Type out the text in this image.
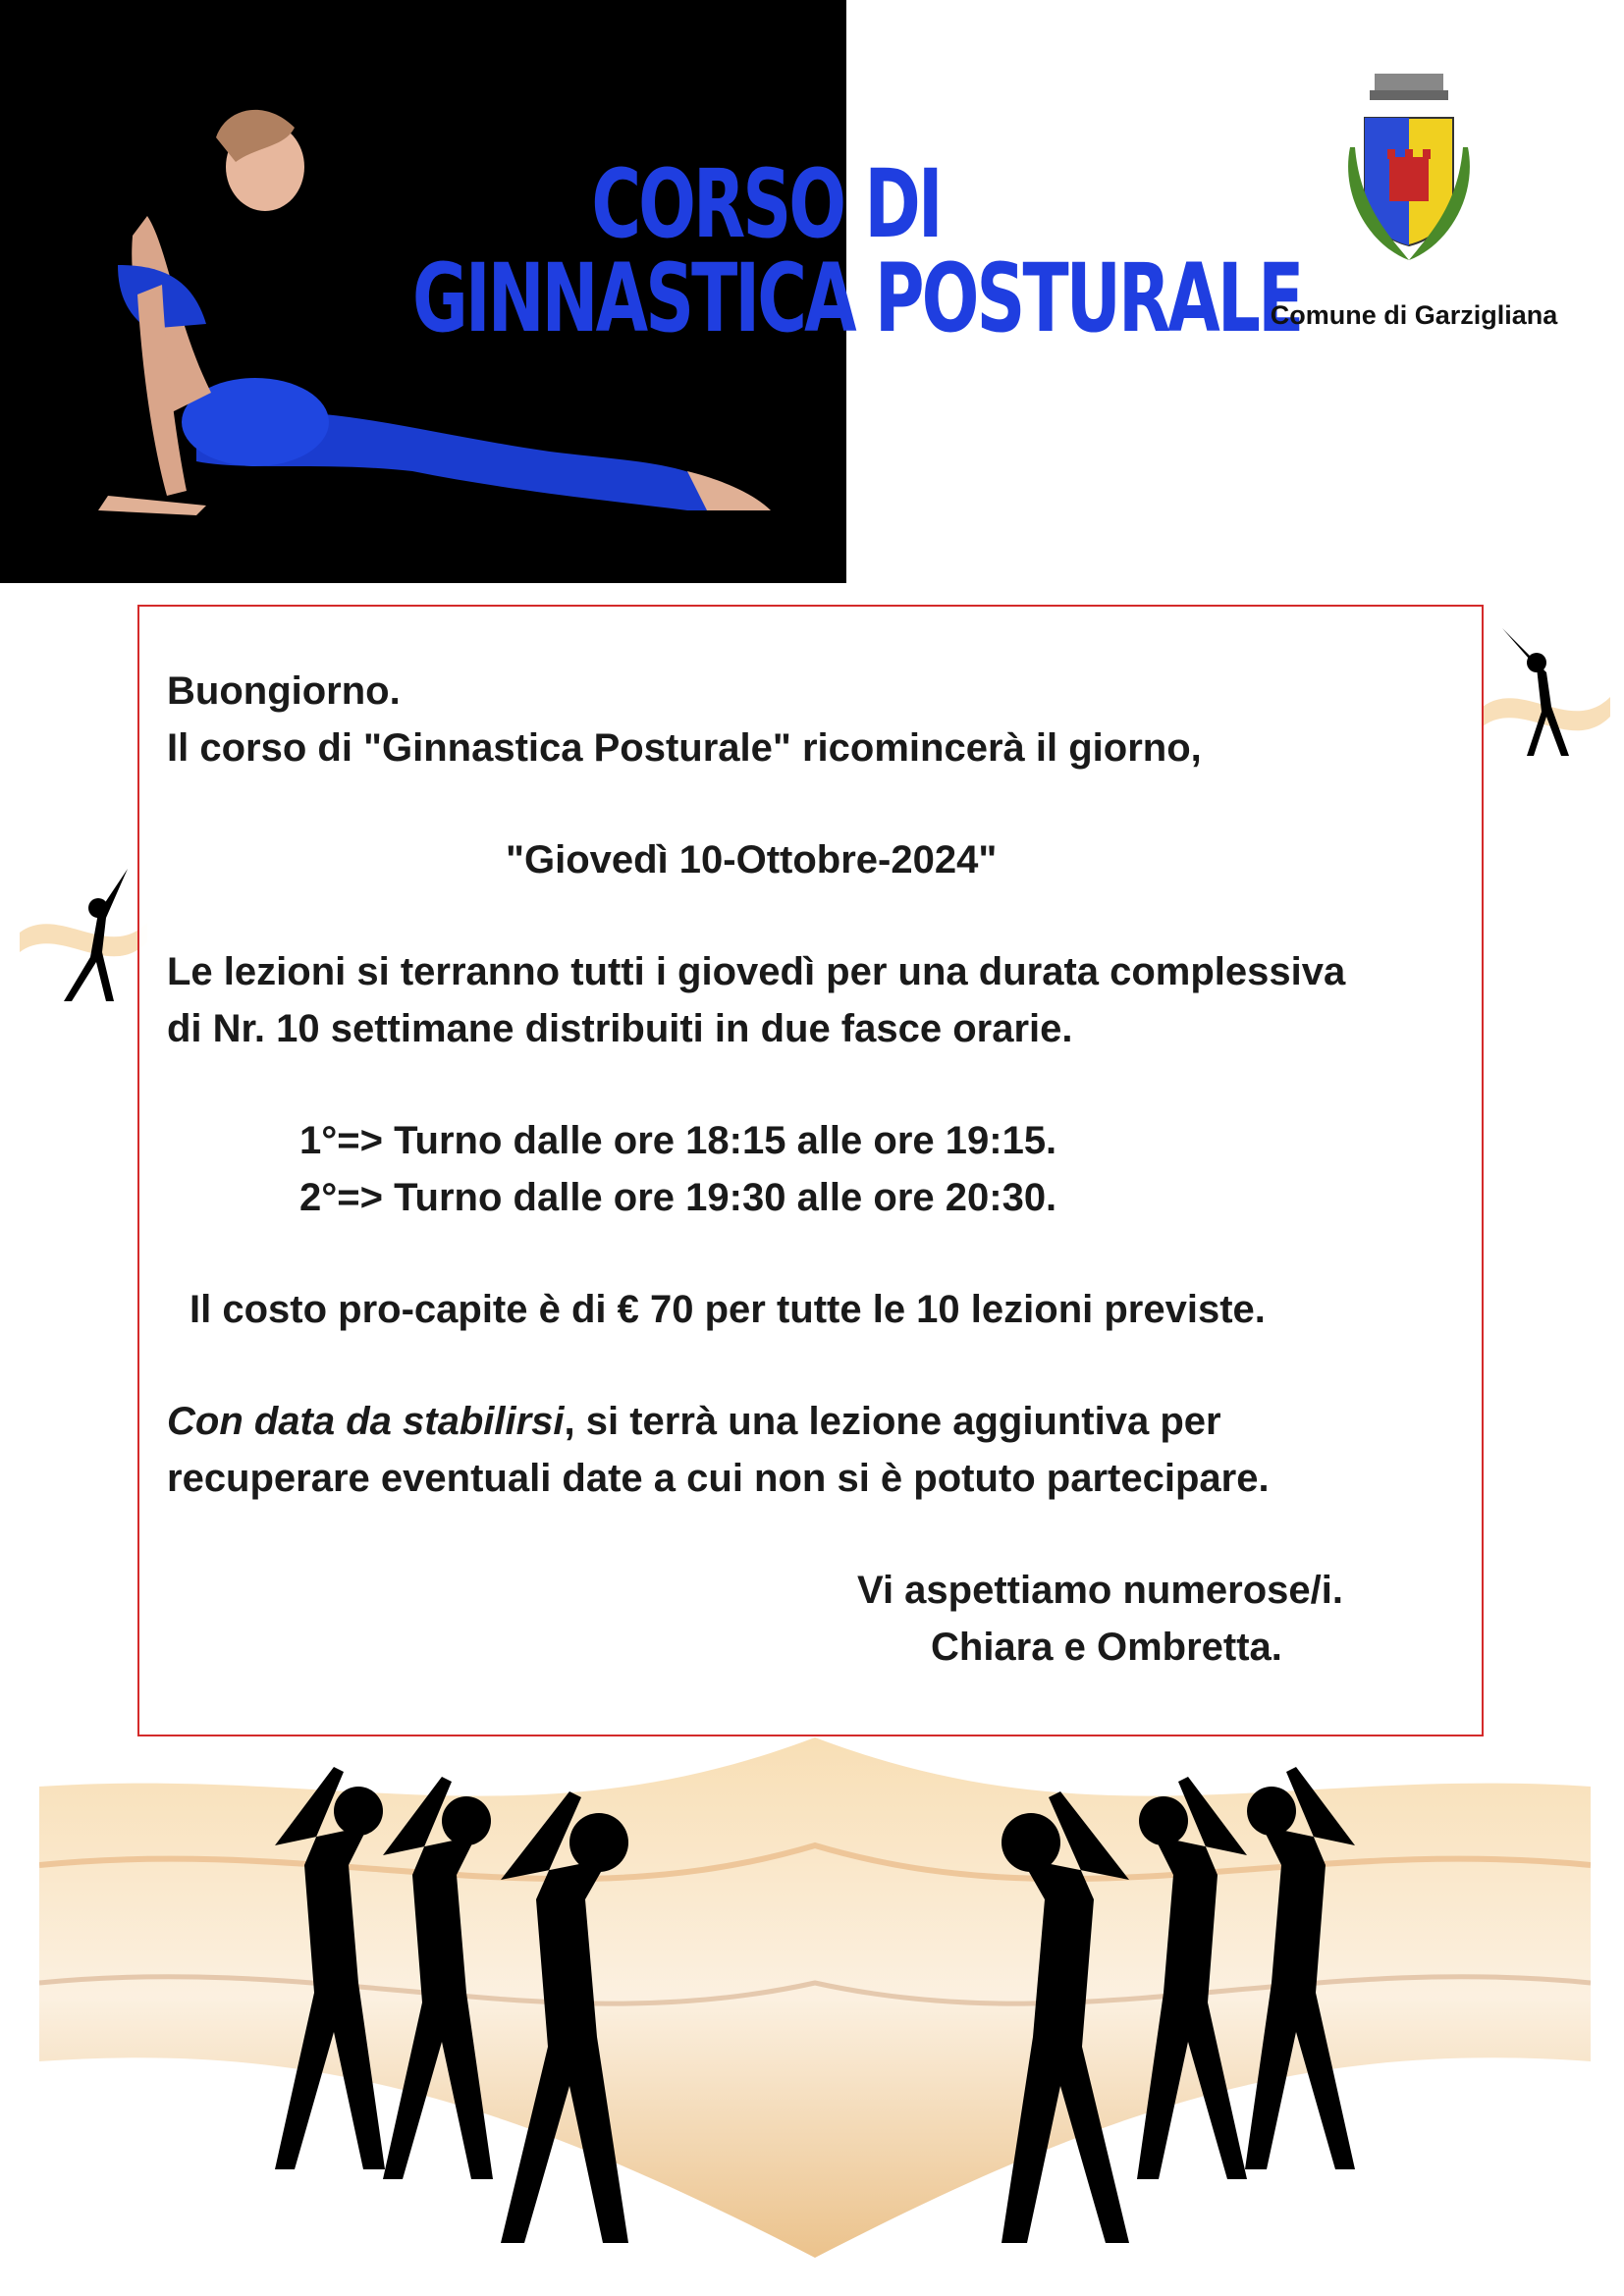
CORSO DI
GINNASTICA POSTURALE
Comune di Garzigliana
Buongiorno.
Il corso di "Ginnastica Posturale" ricomincerà il giorno,
"Giovedì 10-Ottobre-2024"
Le lezioni si terranno tutti i giovedì per una durata complessiva
di Nr. 10 settimane distribuiti in due fasce orarie.
1°=> Turno dalle ore 18:15 alle ore 19:15.
2°=> Turno dalle ore 19:30 alle ore 20:30.
Il costo pro-capite è di € 70 per tutte le 10 lezioni previste.
Con data da stabilirsi, si terrà una lezione aggiuntiva per
recuperare eventuali date a cui non si è potuto partecipare.
Vi aspettiamo numerose/i.
Chiara e Ombretta.
